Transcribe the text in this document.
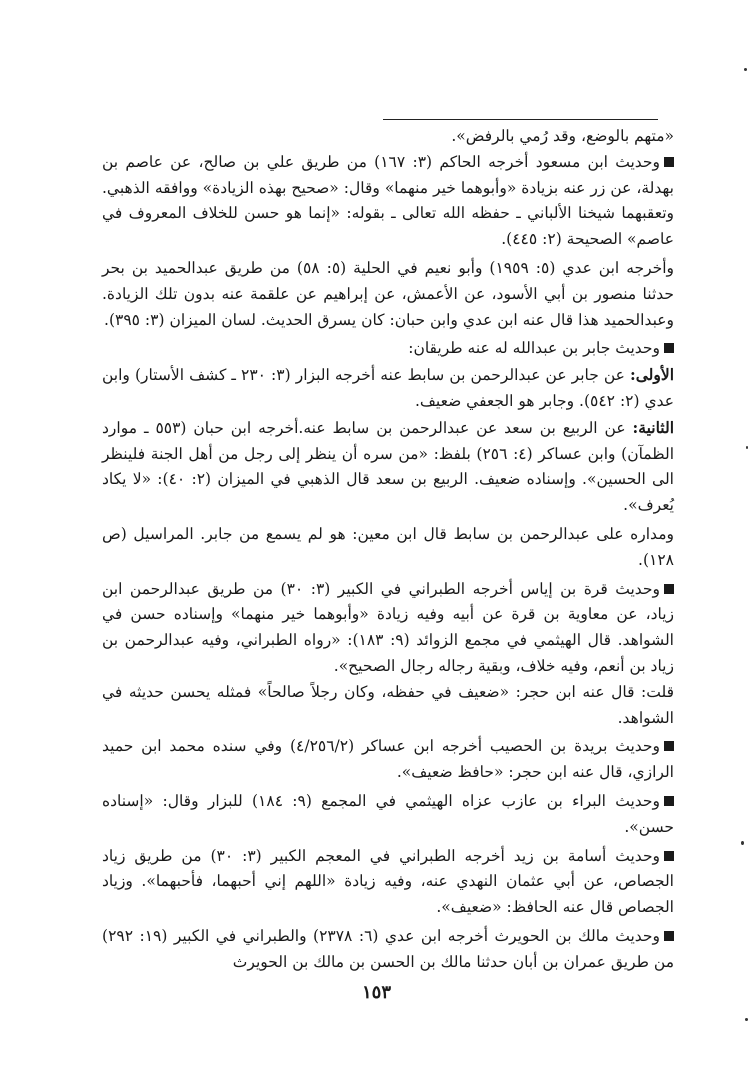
«متهم بالوضع، وقد رُمي بالرفض».

وحديث ابن مسعود أخرجه الحاكم (٣: ١٦٧) من طريق علي بن صالح، عن عاصم بن بهدلة، عن زر عنه بزيادة «وأبوهما خير منهما» وقال: «صحيح بهذه الزيادة» ووافقه الذهبي. وتعقبهما شيخنا الألباني ـ حفظه الله تعالى ـ بقوله: «إنما هو حسن للخلاف المعروف في عاصم» الصحيحة (٢: ٤٤٥).

وأخرجه ابن عدي (٥: ١٩٥٩) وأبو نعيم في الحلية (٥: ٥٨) من طريق عبدالحميد بن بحر حدثنا منصور بن أبي الأسود، عن الأعمش، عن إبراهيم عن علقمة عنه بدون تلك الزيادة. وعبدالحميد هذا قال عنه ابن عدي وابن حبان: كان يسرق الحديث. لسان الميزان (٣: ٣٩٥).

وحديث جابر بن عبدالله له عنه طريقان:

الأولى: عن جابر عن عبدالرحمن بن سابط عنه أخرجه البزار (٣: ٢٣٠ ـ كشف الأستار) وابن عدي (٢: ٥٤٢). وجابر هو الجعفي ضعيف.

الثانية: عن الربيع بن سعد عن عبدالرحمن بن سابط عنه.أخرجه ابن حبان (٥٥٣ ـ موارد الظمآن) وابن عساكر (٤: ٢٥٦) بلفظ: «من سره أن ينظر إلى رجل من أهل الجنة فلينظر الى الحسين». وإسناده ضعيف. الربيع بن سعد قال الذهبي في الميزان (٢: ٤٠): «لا يكاد يُعرف».

ومداره على عبدالرحمن بن سابط قال ابن معين: هو لم يسمع من جابر. المراسيل (ص ١٢٨).

وحديث قرة بن إياس أخرجه الطبراني في الكبير (٣: ٣٠) من طريق عبدالرحمن ابن زياد، عن معاوية بن قرة عن أبيه وفيه زيادة «وأبوهما خير منهما» وإسناده حسن في الشواهد. قال الهيثمي في مجمع الزوائد (٩: ١٨٣): «رواه الطبراني، وفيه عبدالرحمن بن زياد بن أنعم، وفيه خلاف، وبقية رجاله رجال الصحيح».

قلت: قال عنه ابن حجر: «ضعيف في حفظه، وكان رجلاً صالحاً» فمثله يحسن حديثه في الشواهد.

وحديث بريدة بن الحصيب أخرجه ابن عساكر (٤/٢٥٦/٢) وفي سنده محمد ابن حميد الرازي، قال عنه ابن حجر: «حافظ ضعيف».

وحديث البراء بن عازب عزاه الهيثمي في المجمع (٩: ١٨٤) للبزار وقال: «إسناده حسن».

وحديث أسامة بن زيد أخرجه الطبراني في المعجم الكبير (٣: ٣٠) من طريق زياد الجصاص، عن أبي عثمان النهدي عنه، وفيه زيادة «اللهم إني أحبهما، فأحبهما». وزياد الجصاص قال عنه الحافظ: «ضعيف».

وحديث مالك بن الحويرث أخرجه ابن عدي (٦: ٢٣٧٨) والطبراني في الكبير (١٩: ٢٩٢) من طريق عمران بن أبان حدثنا مالك بن الحسن بن مالك بن الحويرث

١٥٣
